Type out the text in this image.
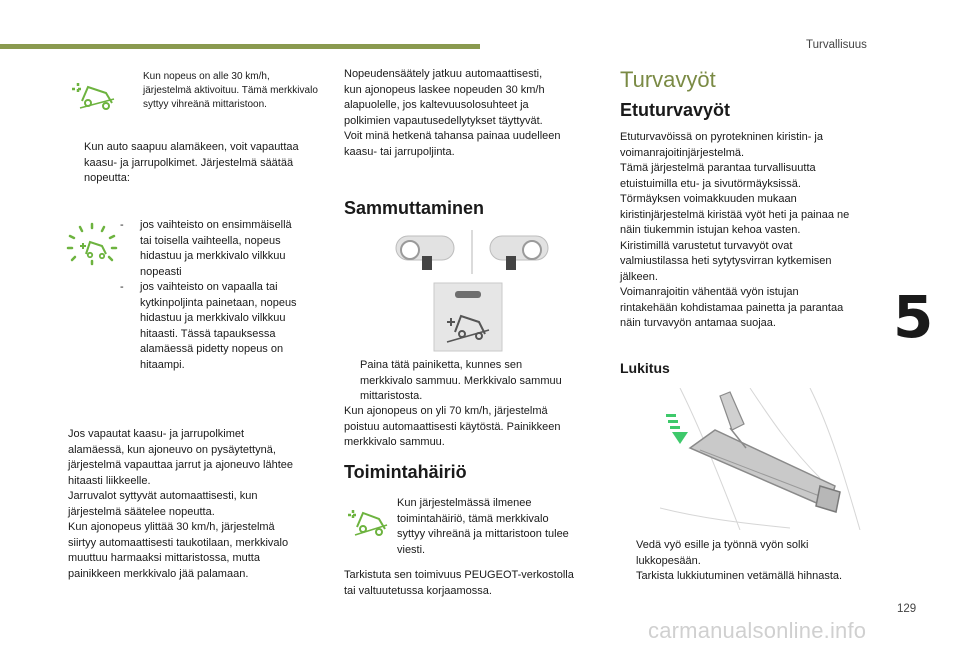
Turvallisuus
5
129
carmanualsonline.info
Kun nopeus on alle 30 km/h,
järjestelmä aktivoituu. Tämä merkkivalo
syttyy vihreänä mittaristoon.
Kun auto saapuu alamäkeen, voit vapauttaa
kaasu- ja jarrupolkimet. Järjestelmä säätää
nopeutta:
- jos vaihteisto on ensimmäisellä
tai toisella vaihteella, nopeus
hidastuu ja merkkivalo vilkkuu
nopeasti
- jos vaihteisto on vapaalla tai
kytkinpoljinta painetaan, nopeus
hidastuu ja merkkivalo vilkkuu
hitaasti. Tässä tapauksessa
alamäessä pidetty nopeus on
hitaampi.
Jos vapautat kaasu- ja jarrupolkimet
alamäessä, kun ajoneuvo on pysäytettynä,
järjestelmä vapauttaa jarrut ja ajoneuvo lähtee
hitaasti liikkeelle.
Jarruvalot syttyvät automaattisesti, kun
järjestelmä säätelee nopeutta.
Kun ajonopeus ylittää 30 km/h, järjestelmä
siirtyy automaattisesti taukotilaan, merkkivalo
muuttuu harmaaksi mittaristossa, mutta
painikkeen merkkivalo jää palamaan.
Nopeudensäätely jatkuu automaattisesti,
kun ajonopeus laskee nopeuden 30 km/h
alapuolelle, jos kaltevuusolosuhteet ja
polkimien vapautusedellytykset täyttyvät.
Voit minä hetkenä tahansa painaa uudelleen
kaasu- tai jarrupoljinta.
Sammuttaminen
Paina tätä painiketta, kunnes sen
merkkivalo sammuu. Merkkivalo sammuu
mittaristosta.
Kun ajonopeus on yli 70 km/h, järjestelmä
poistuu automaattisesti käytöstä. Painikkeen
merkkivalo sammuu.
Toimintahäiriö
Kun järjestelmässä ilmenee
toimintahäiriö, tämä merkkivalo
syttyy vihreänä ja mittaristoon tulee
viesti.
Tarkistuta sen toimivuus PEUGEOT-verkostolla
tai valtuutetussa korjaamossa.
Turvavyöt
Etuturvavyöt
Etuturvavöissä on pyrotekninen kiristin- ja
voimanrajoitinjärjestelmä.
Tämä järjestelmä parantaa turvallisuutta
etuistuimilla etu- ja sivutörmäyksissä.
Törmäyksen voimakkuuden mukaan
kiristinjärjestelmä kiristää vyöt heti ja painaa ne
näin tiukemmin istujan kehoa vasten.
Kiristimillä varustetut turvavyöt ovat
valmiustilassa heti sytytysvirran kytkemisen
jälkeen.
Voimanrajoitin vähentää vyön istujan
rintakehään kohdistamaa painetta ja parantaa
näin turvavyön antamaa suojaa.
Lukitus
Vedä vyö esille ja työnnä vyön solki
lukkopesään.
Tarkista lukkiutuminen vetämällä hihnasta.
